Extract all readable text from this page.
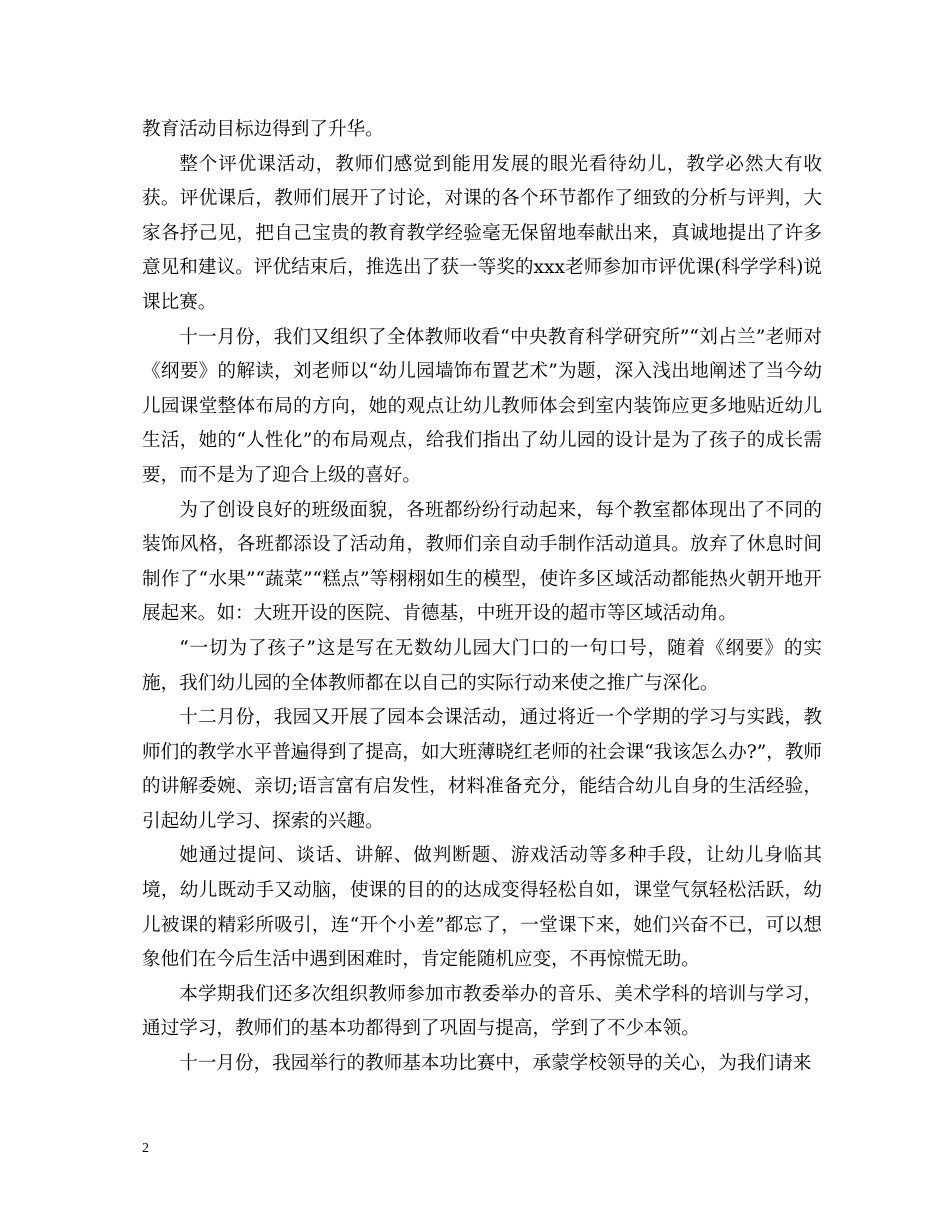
教育活动目标边得到了升华。

整个评优课活动，教师们感觉到能用发展的眼光看待幼儿，教学必然大有收获。评优课后，教师们展开了讨论，对课的各个环节都作了细致的分析与评判，大家各抒己见，把自己宝贵的教育教学经验毫无保留地奉献出来，真诚地提出了许多意见和建议。评优结束后，推选出了获一等奖的xxx老师参加市评优课(科学学科)说课比赛。

十一月份，我们又组织了全体教师收看“中央教育科学研究所”“刘占兰”老师对《纲要》的解读，刘老师以“幼儿园墙饰布置艺术”为题，深入浅出地阐述了当今幼儿园课堂整体布局的方向，她的观点让幼儿教师体会到室内装饰应更多地贴近幼儿生活，她的“人性化”的布局观点，给我们指出了幼儿园的设计是为了孩子的成长需要，而不是为了迎合上级的喜好。

为了创设良好的班级面貌，各班都纷纷行动起来，每个教室都体现出了不同的装饰风格，各班都添设了活动角，教师们亲自动手制作活动道具。放弃了休息时间制作了“水果”“蔬菜”“糕点”等栩栩如生的模型，使许多区域活动都能热火朝开地开展起来。如：大班开设的医院、肯德基，中班开设的超市等区域活动角。

“一切为了孩子”这是写在无数幼儿园大门口的一句口号，随着《纲要》的实施，我们幼儿园的全体教师都在以自己的实际行动来使之推广与深化。

十二月份，我园又开展了园本会课活动，通过将近一个学期的学习与实践，教师们的教学水平普遍得到了提高，如大班薄晓红老师的社会课“我该怎么办?”，教师的讲解委婉、亲切;语言富有启发性，材料准备充分，能结合幼儿自身的生活经验，引起幼儿学习、探索的兴趣。

她通过提问、谈话、讲解、做判断题、游戏活动等多种手段，让幼儿身临其境，幼儿既动手又动脑，使课的目的的达成变得轻松自如，课堂气氛轻松活跃，幼儿被课的精彩所吸引，连“开个小差”都忘了，一堂课下来，她们兴奋不已，可以想象他们在今后生活中遇到困难时，肯定能随机应变，不再惊慌无助。

本学期我们还多次组织教师参加市教委举办的音乐、美术学科的培训与学习，通过学习，教师们的基本功都得到了巩固与提高，学到了不少本领。

十一月份，我园举行的教师基本功比赛中，承蒙学校领导的关心，为我们请来

2
